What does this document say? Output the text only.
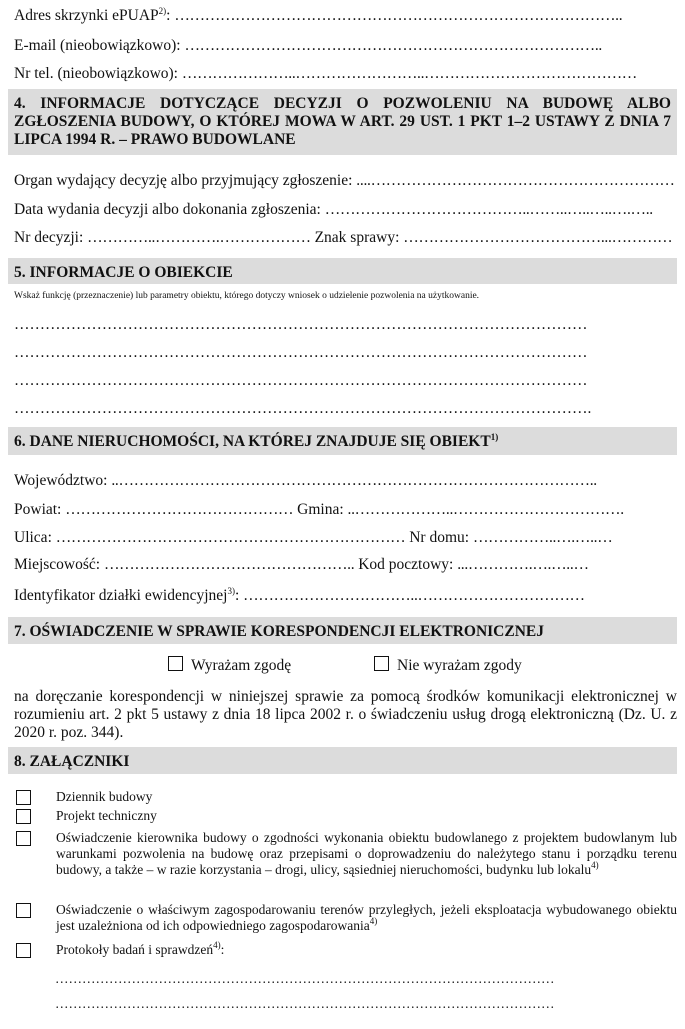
Adres skrzynki ePUAP$^{2)}$: ……………………………………………………………………………..
E-mail (nieobowiązkowo): ………………………………………………………………………..
Nr tel. (nieobowiązkowo): …………………..……………………..……………………………………
4. INFORMACJE DOTYCZĄCE DECYZJI O POZWOLENIU NA BUDOWĘ ALBO ZGŁOSZENIA BUDOWY, O KTÓREJ MOWA W ART. 29 UST. 1 PKT 1–2 USTAWY Z DNIA 7 LIPCA 1994 R. – PRAWO BUDOWLANE
Organ wydający decyzję albo przyjmujący zgłoszenie: ....……………………………………………………
Data wydania decyzji albo dokonania zgłoszenia: …………………………………..……..…..…..….…..
Nr decyzji: …………..………….……………… Znak sprawy: …………………………………...…………
5. INFORMACJE O OBIEKCIE
Wskaż funkcję (przeznaczenie) lub parametry obiektu, którego dotyczy wniosek o udzielenie pozwolenia na użytkowanie.
…………………………………………………………………………………………………
…………………………………………………………………………………………………
…………………………………………………………………………………………………
………………………………………………………………………………………………….
6. DANE NIERUCHOMOŚCI, NA KTÓREJ ZNAJDUJE SIĘ OBIEKT$^{1)}$
Województwo: ..…………………………………………………………………………………..
Powiat: ……………………………………… Gmina: ..………………..…………………………….
Ulica: …………………………………………………………… Nr domu: ……………..….…..…
Miejscowość: ………………………………………….. Kod pocztowy: ...………….….…..…
Identyfikator działki ewidencyjnej$^{3)}$: ……………………………..……………………………
7. OŚWIADCZENIE W SPRAWIE KORESPONDENCJI ELEKTRONICZNEJ
Wyrażam zgodę	Nie wyrażam zgody
na doręczanie korespondencji w niniejszej sprawie za pomocą środków komunikacji elektronicznej w rozumieniu art. 2 pkt 5 ustawy z dnia 18 lipca 2002 r. o świadczeniu usług drogą elektroniczną (Dz. U. z 2020 r. poz. 344).
8. ZAŁĄCZNIKI
Dziennik budowy
Projekt techniczny
Oświadczenie kierownika budowy o zgodności wykonania obiektu budowlanego z projektem budowlanym lub warunkami pozwolenia na budowę oraz przepisami o doprowadzeniu do należytego stanu i porządku terenu budowy, a także – w razie korzystania – drogi, ulicy, sąsiedniej nieruchomości, budynku lub lokalu$^{4)}$
Oświadczenie o właściwym zagospodarowaniu terenów przyległych, jeżeli eksploatacja wybudowanego obiektu jest uzależniona od ich odpowiedniego zagospodarowania$^{4)}$
Protokoły badań i sprawdzeń$^{4)}$:
…………………………………………………………………………………………………
…………………………………………………………………………………………………
